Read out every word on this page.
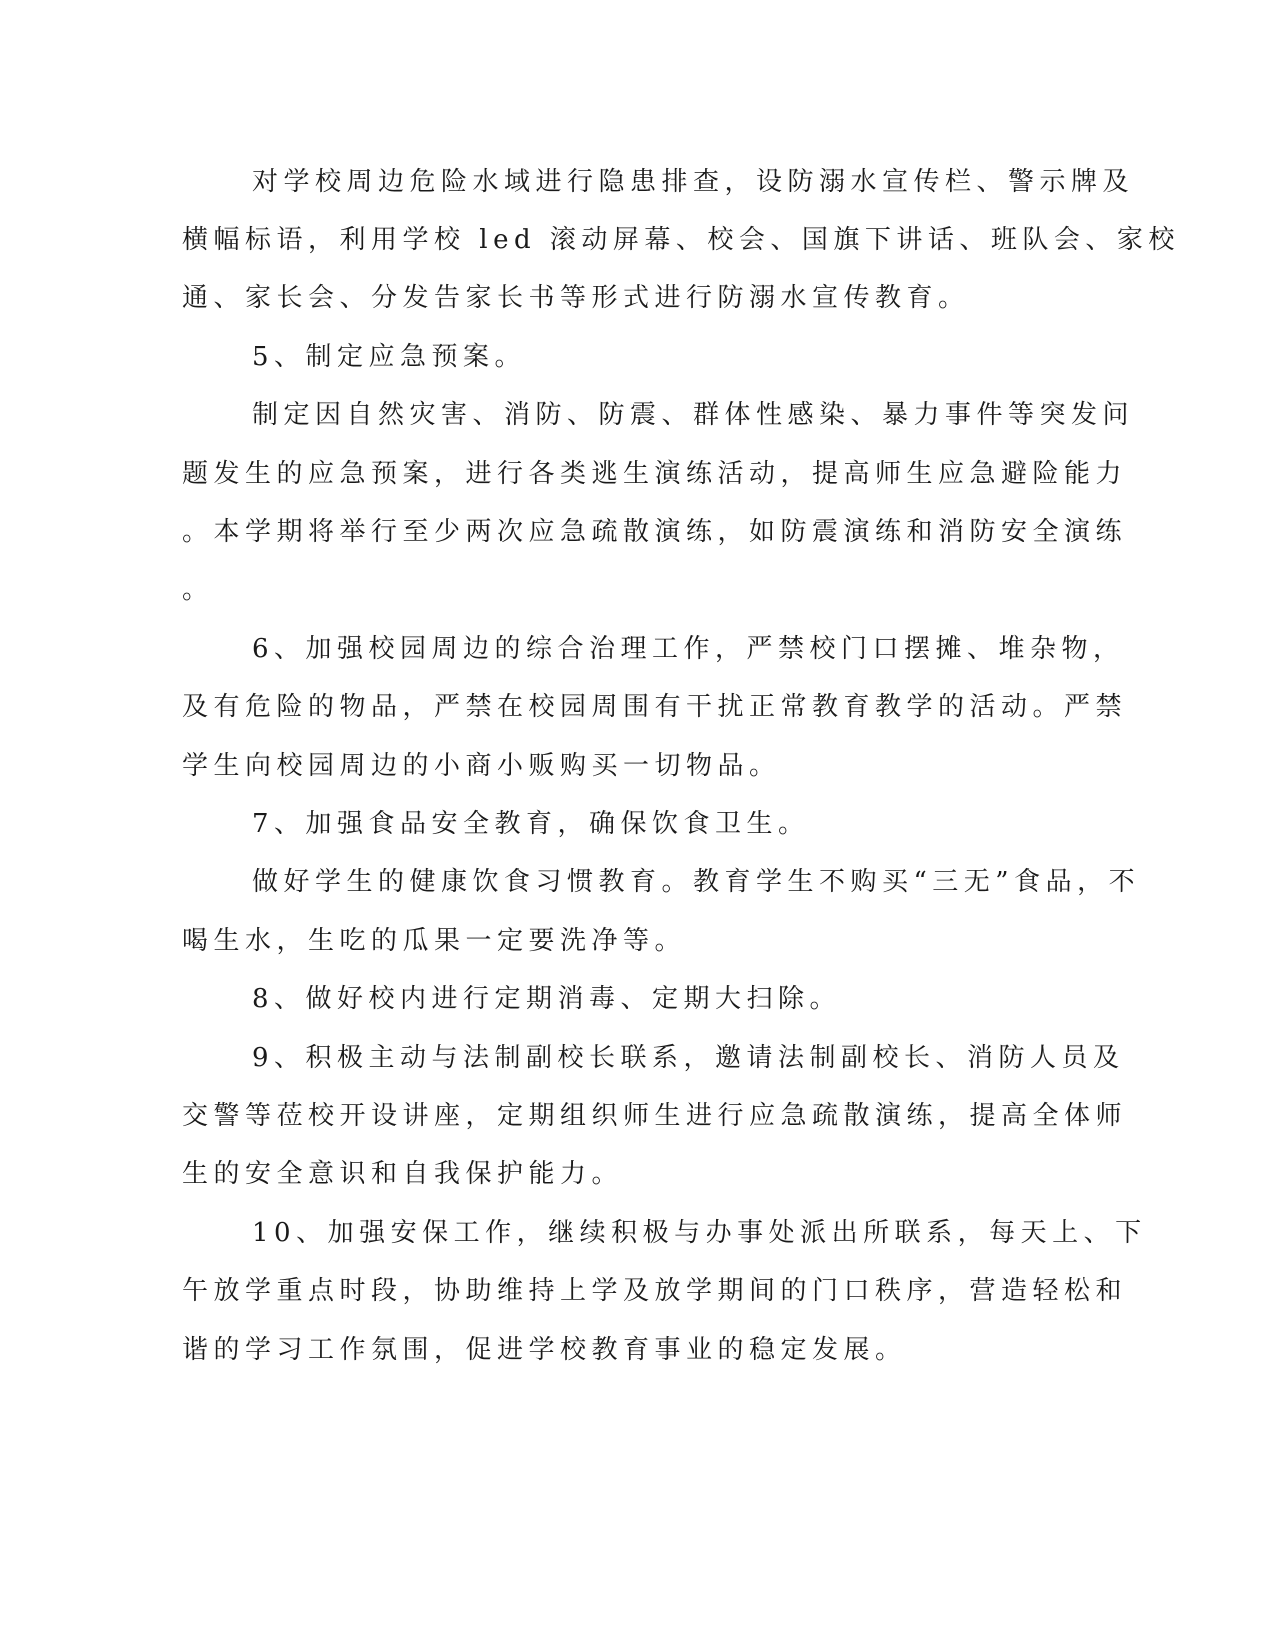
对学校周边危险水域进行隐患排查，设防溺水宣传栏、警示牌及
横幅标语，利用学校 led 滚动屏幕、校会、国旗下讲话、班队会、家校
通、家长会、分发告家长书等形式进行防溺水宣传教育。
5、制定应急预案。
制定因自然灾害、消防、防震、群体性感染、暴力事件等突发问
题发生的应急预案，进行各类逃生演练活动，提高师生应急避险能力
。本学期将举行至少两次应急疏散演练，如防震演练和消防安全演练
。
6、加强校园周边的综合治理工作，严禁校门口摆摊、堆杂物，
及有危险的物品，严禁在校园周围有干扰正常教育教学的活动。严禁
学生向校园周边的小商小贩购买一切物品。
7、加强食品安全教育，确保饮食卫生。
做好学生的健康饮食习惯教育。教育学生不购买“三无”食品，不
喝生水，生吃的瓜果一定要洗净等。
8、做好校内进行定期消毒、定期大扫除。
9、积极主动与法制副校长联系，邀请法制副校长、消防人员及
交警等莅校开设讲座，定期组织师生进行应急疏散演练，提高全体师
生的安全意识和自我保护能力。
10、加强安保工作，继续积极与办事处派出所联系，每天上、下
午放学重点时段，协助维持上学及放学期间的门口秩序，营造轻松和
谐的学习工作氛围，促进学校教育事业的稳定发展。
